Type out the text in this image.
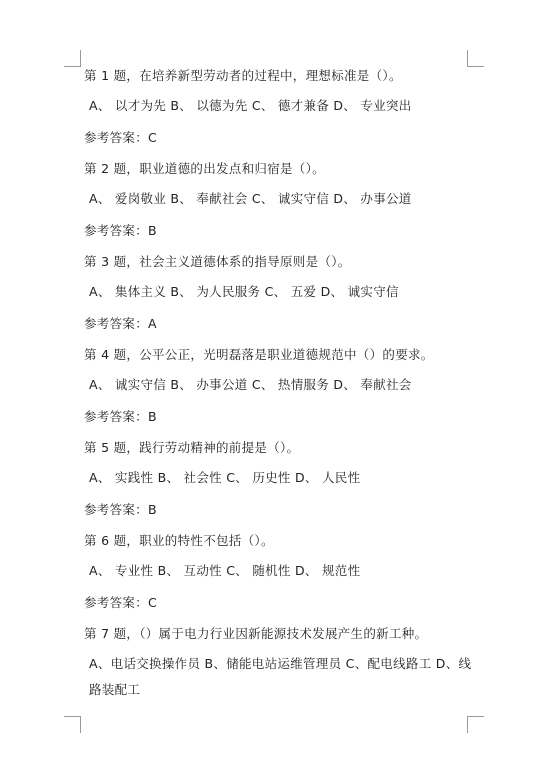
第 1 题，在培养新型劳动者的过程中，理想标准是（）。
A、 以才为先 B、 以德为先 C、 德才兼备 D、 专业突出
参考答案：C
第 2 题，职业道德的出发点和归宿是（）。
A、 爱岗敬业 B、 奉献社会 C、 诚实守信 D、 办事公道
参考答案：B
第 3 题，社会主义道德体系的指导原则是（）。
A、 集体主义 B、 为人民服务 C、 五爱 D、 诚实守信
参考答案：A
第 4 题，公平公正，光明磊落是职业道德规范中（）的要求。
A、 诚实守信 B、 办事公道 C、 热情服务 D、 奉献社会
参考答案：B
第 5 题，践行劳动精神的前提是（）。
A、 实践性 B、 社会性 C、 历史性 D、 人民性
参考答案：B
第 6 题，职业的特性不包括（）。
A、 专业性 B、 互动性 C、 随机性 D、 规范性
参考答案：C
第 7 题，（）属于电力行业因新能源技术发展产生的新工种。
A、电话交换操作员 B、储能电站运维管理员 C、配电线路工 D、线路装配工
